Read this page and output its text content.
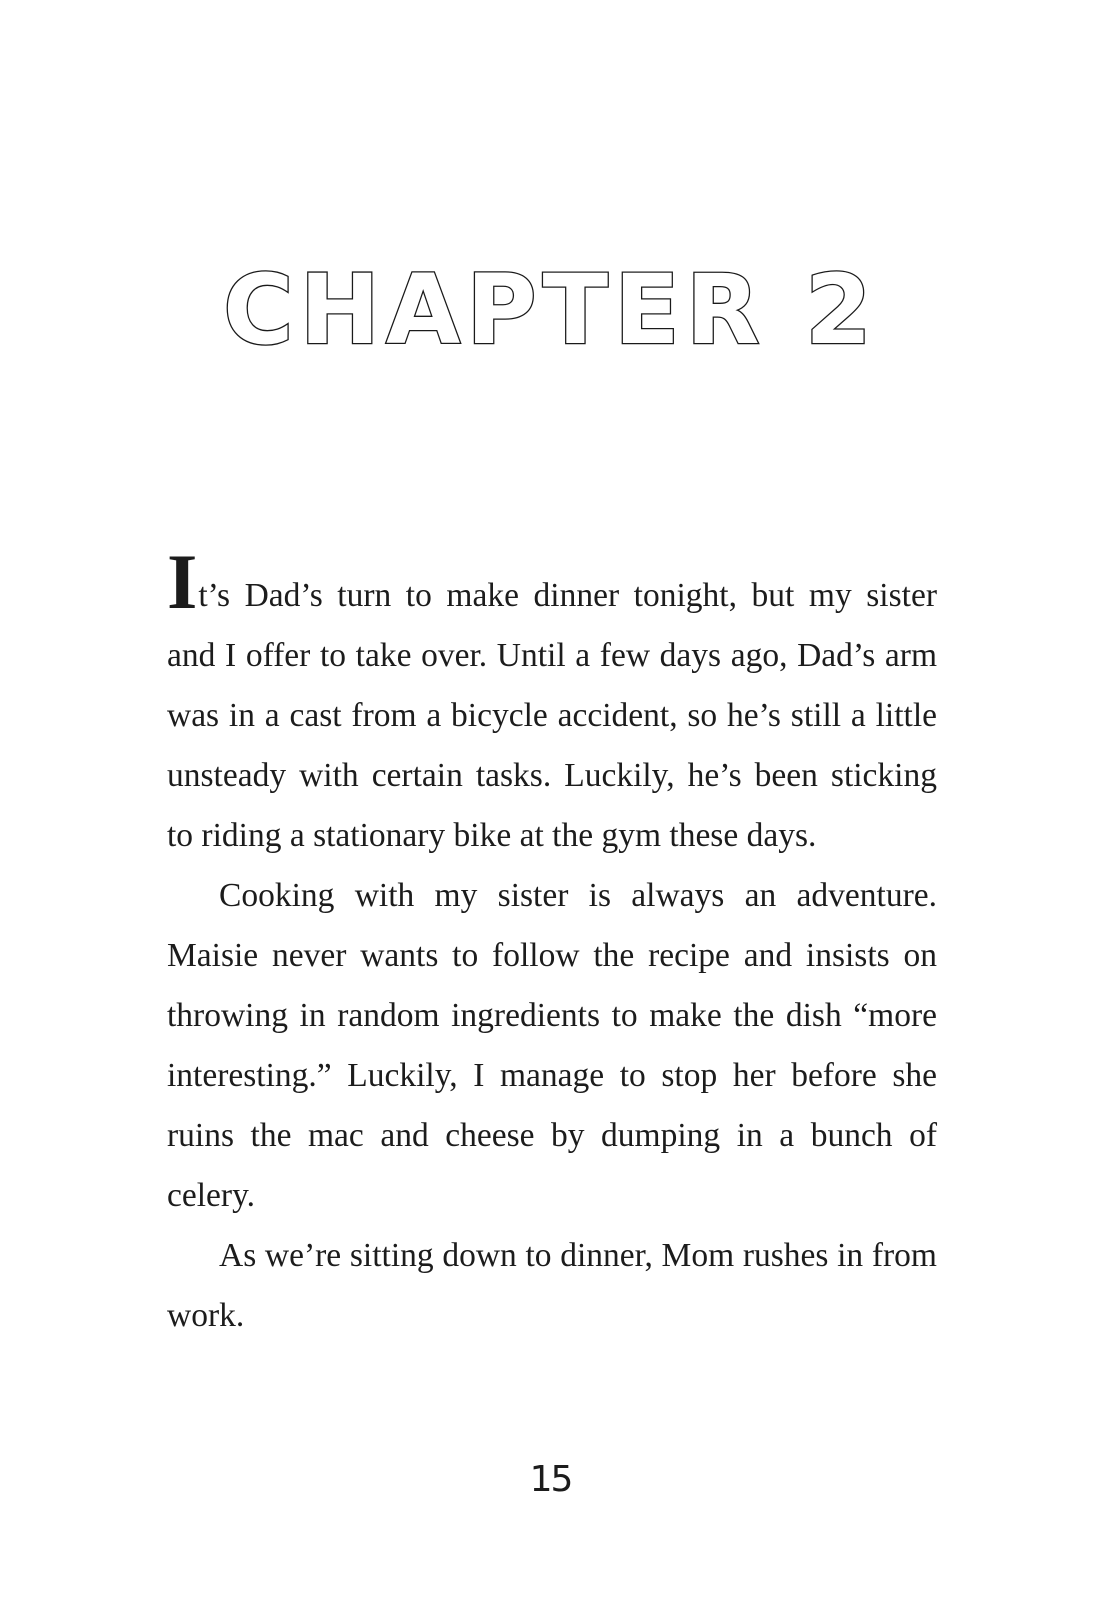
CHAPTER 2

It’s Dad’s turn to make dinner tonight, but my sister and I offer to take over. Until a few days ago, Dad’s arm was in a cast from a bicycle accident, so he’s still a little unsteady with certain tasks. Luckily, he’s been sticking to riding a stationary bike at the gym these days.

Cooking with my sister is always an adventure. Maisie never wants to follow the recipe and insists on throwing in random ingredients to make the dish “more interesting.” Luckily, I manage to stop her before she ruins the mac and cheese by dumping in a bunch of celery.

As we’re sitting down to dinner, Mom rushes in from work.

15
